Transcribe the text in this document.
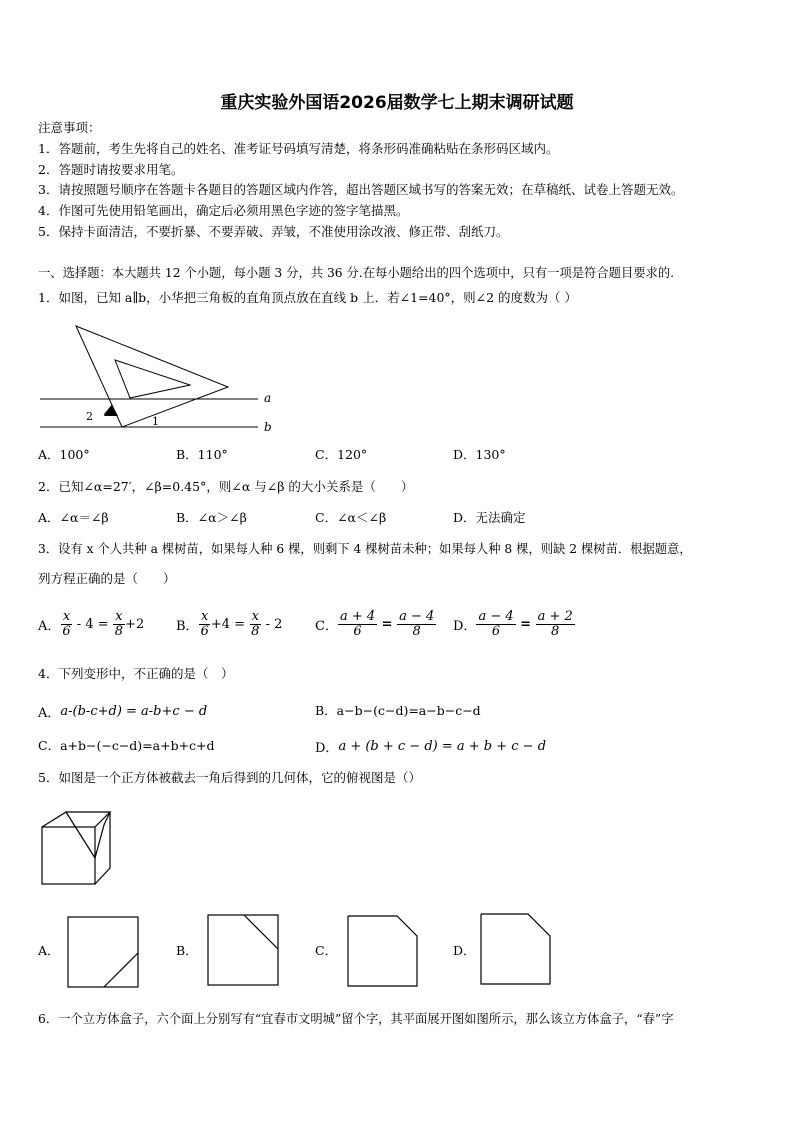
重庆实验外国语2026届数学七上期末调研试题
注意事项：
1．答题前，考生先将自己的姓名、准考证号码填写清楚，将条形码准确粘贴在条形码区域内。
2．答题时请按要求用笔。
3．请按照题号顺序在答题卡各题目的答题区域内作答，超出答题区域书写的答案无效；在草稿纸、试卷上答题无效。
4．作图可先使用铅笔画出，确定后必须用黑色字迹的签字笔描黑。
5．保持卡面清洁，不要折暴、不要弄破、弄皱，不准使用涂改液、修正带、刮纸刀。
一、选择题：本大题共 12 个小题，每小题 3 分，共 36 分.在每小题给出的四个选项中，只有一项是符合题目要求的.
1．如图，已知 a∥b，小华把三角板的直角顶点放在直线 b 上．若∠1=40°，则∠2 的度数为（ ）
a
b
1
2
A．100°	B．110°	C．120°	D．130°
2．已知∠α=27′，∠β=0.45°，则∠α 与∠β 的大小关系是（　　）
A．∠α＝∠β	B．∠α＞∠β	C．∠α＜∠β	D．无法确定
3．设有 x 个人共种 a 棵树苗，如果每人种 6 棵，则剩下 4 棵树苗未种；如果每人种 8 棵，则缺 2 棵树苗．根据题意，
列方程正确的是（　　）
A． $\frac{x}{6} - 4 = \frac{x}{8} +2$ B． $\frac{x}{6} +4 = \frac{x}{8} - 2$	C． $\frac{a + 4}{6} = \frac{a - 4}{8}$ D． $\frac{a - 4}{6} = \frac{a + 2}{8}$
4．下列变形中，不正确的是（　）
A． a-(b-c+d) = a-b+c − d	B．a−b−(c−d)=a−b−c−d
C．a+b−(−c−d)=a+b+c+d	D． a + (b + c − d) = a + b + c − d
5．如图是一个正方体被截去一角后得到的几何体，它的俯视图是（）
A．	B．	C．	D．
6．一个立方体盒子，六个面上分别写有“宜春市文明城”留个字，其平面展开图如图所示，那么该立方体盒子，“春”字
